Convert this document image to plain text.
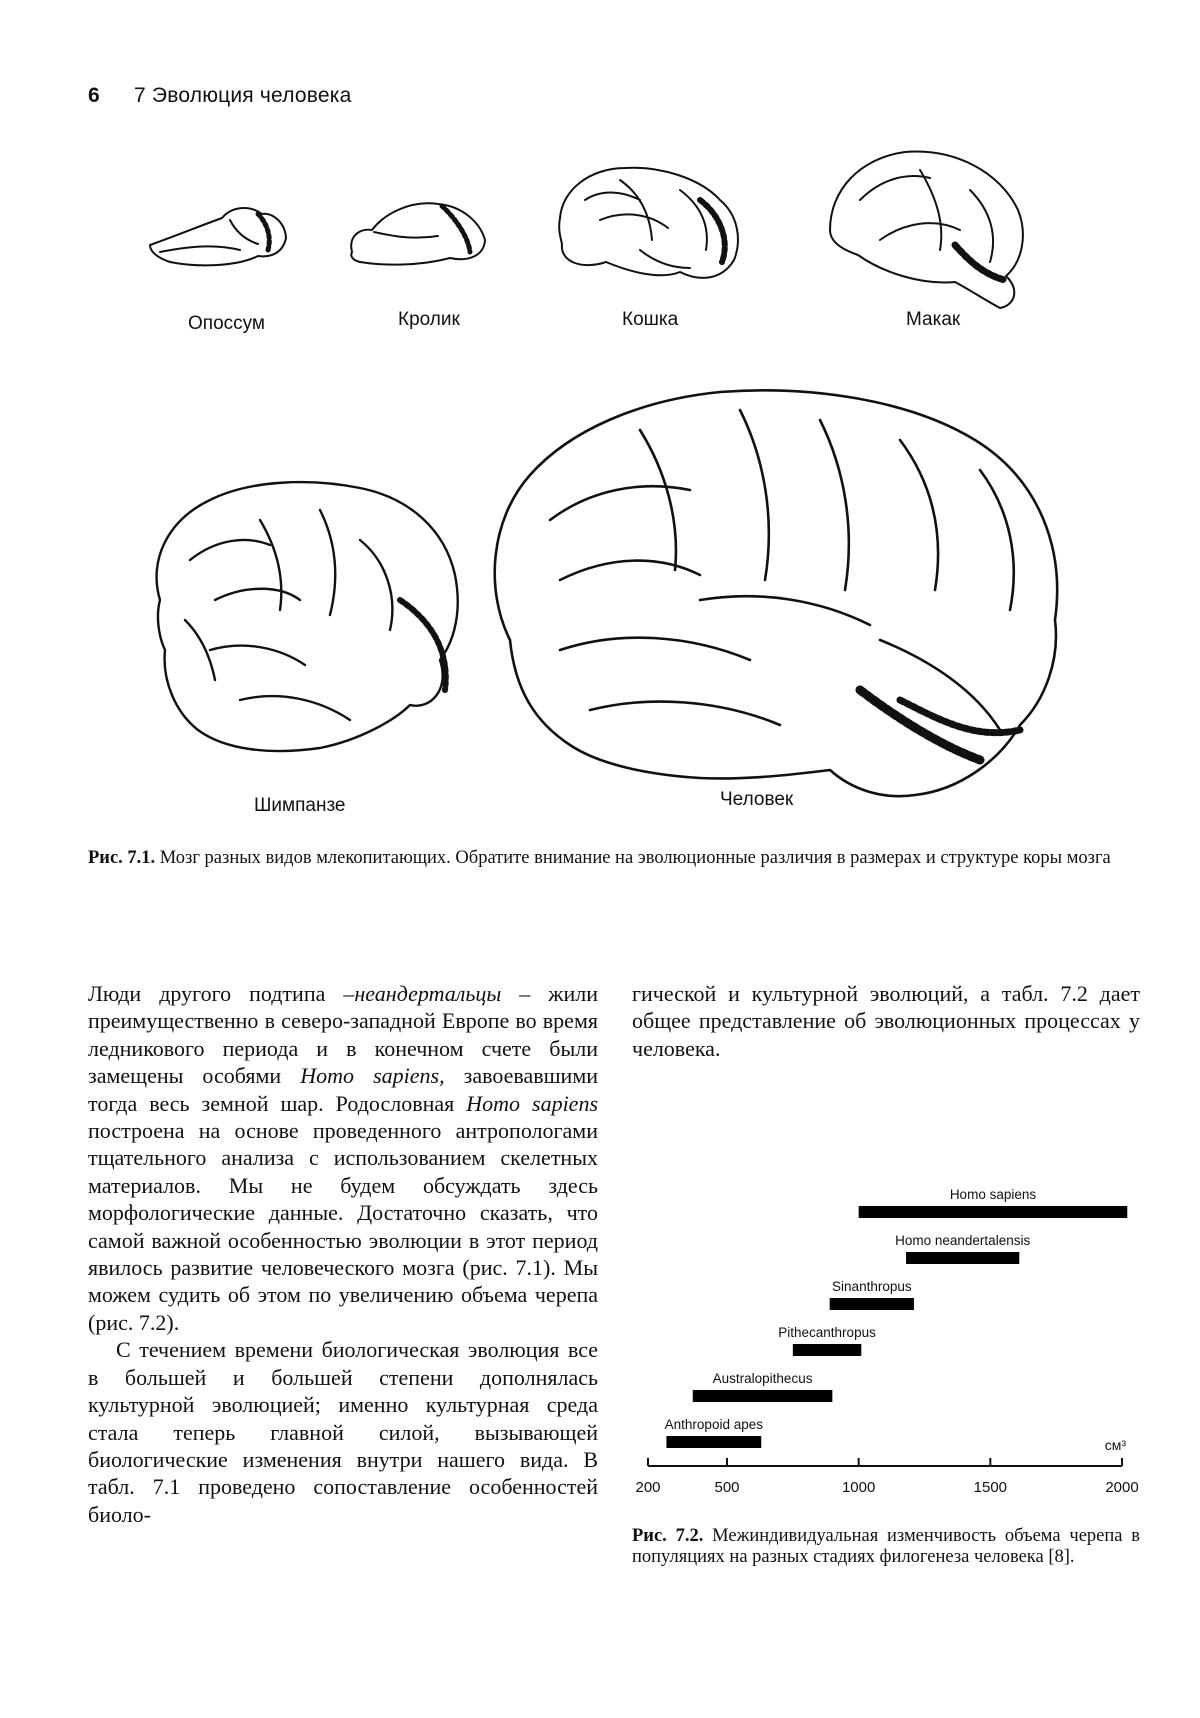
6 7 Эволюция человека
Опоссум	Кролик	Кошка	Макак
Шимпанзе	Человек
Рис. 7.1. Мозг разных видов млекопитающих. Обратите внимание на эволюционные различия в размерах и структуре коры мозга

Люди другого подтипа –неандертальцы – жили преимущественно в северо-западной Европе во время ледникового периода и в конечном счете были замещены особями Homo sapiens, завоевавшими тогда весь земной шар. Родословная Homo sapiens построена на основе проведенного антропологами тщательного анализа с использованием скелетных материалов. Мы не будем обсуждать здесь морфологические данные. Достаточно сказать, что самой важной особенностью эволюции в этот период явилось развитие человеческого мозга (рис. 7.1). Мы можем судить об этом по увеличению объема черепа (рис. 7.2).

С течением времени биологическая эволюция все в большей и большей степени дополнялась культурной эволюцией; именно культурная среда стала теперь главной силой, вызывающей биологические изменения внутри нашего вида. В табл. 7.1 проведено сопоставление особенностей биоло-

гической и культурной эволюций, а табл. 7.2 дает общее представление об эволюционных процессах у человека.

200	500	1000	1500	2000
см³
Homo sapiens
Homo neandertalensis
Sinanthropus
Pithecanthropus
Australopithecus
Anthropoid apes
Рис. 7.2. Межиндивидуальная изменчивость объема черепа в популяциях на разных стадиях филогенеза человека [8].
